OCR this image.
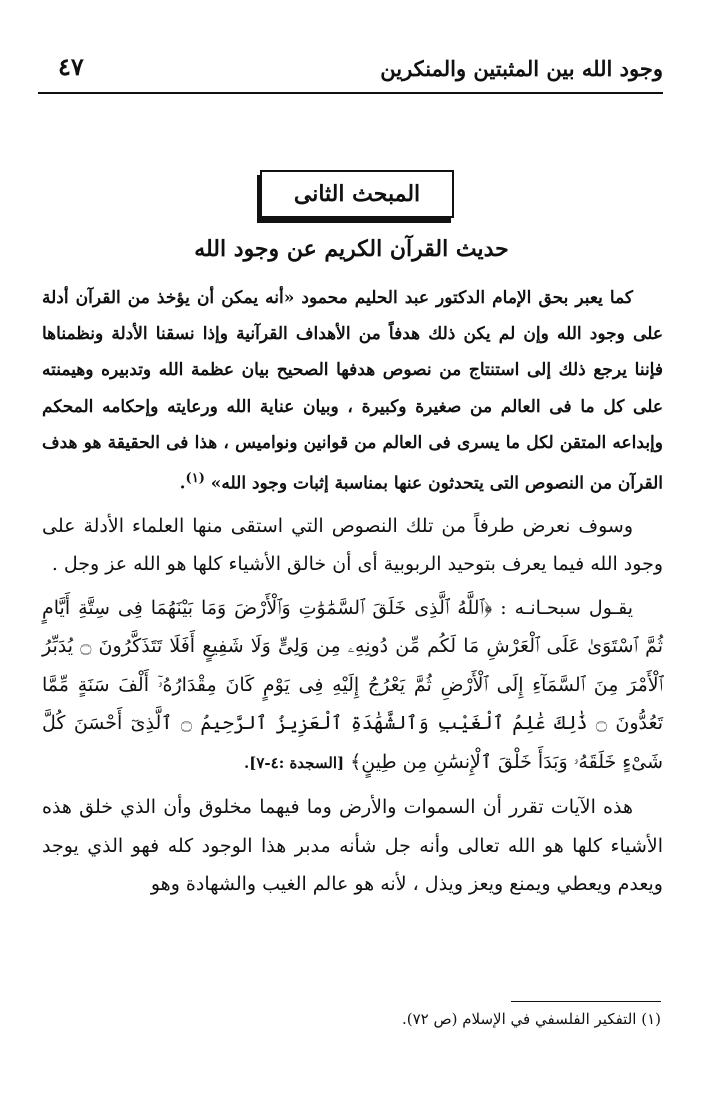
وجود الله بين المثبتين والمنكرين
٤٧
المبحث الثانى
حديث القرآن الكريم عن وجود الله

كما يعبر بحق الإمام الدكتور عبد الحليم محمود «أنه يمكن أن يؤخذ من القرآن أدلة على وجود الله وإن لم يكن ذلك هدفاً من الأهداف القرآنية وإذا نسقنا الأدلة ونظمناها فإننا يرجع ذلك إلى استنتاج من نصوص هدفها الصحيح بيان عظمة الله وتدبيره وهيمنته على كل ما فى العالم من صغيرة وكبيرة ، وبيان عناية الله ورعايته وإحكامه المحكم وإبداعه المتقن لكل ما يسرى فى العالم من قوانين ونواميس ، هذا فى الحقيقة هو هدف القرآن من النصوص التى يتحدثون عنها بمناسبة إثبات وجود الله» $^{(١)}$.

وسوف نعرض طرفاً من تلك النصوص التي استقى منها العلماء الأدلة على وجود الله فيما يعرف بتوحيد الربوبية أى أن خالق الأشياء كلها هو الله عز وجل .

يقـول سبحـانـه : ﴿ٱللَّهُ ٱلَّذِى خَلَقَ ٱلسَّمَٰوَٰتِ وَٱلْأَرْضَ وَمَا بَيْنَهُمَا فِى سِتَّةِ أَيَّامٍ ثُمَّ ٱسْتَوَىٰ عَلَى ٱلْعَرْشِ مَا لَكُم مِّن دُونِهِۦ مِن وَلِىٍّ وَلَا شَفِيعٍ أَفَلَا تَتَذَكَّرُونَ ۝ يُدَبِّرُ ٱلْأَمْرَ مِنَ ٱلسَّمَآءِ إِلَى ٱلْأَرْضِ ثُمَّ يَعْرُجُ إِلَيْهِ فِى يَوْمٍ كَانَ مِقْدَارُهُۥٓ أَلْفَ سَنَةٍ مِّمَّا تَعُدُّونَ ۝ ذَٰلِكَ عَٰلِمُ ٱلْغَيْبِ وَٱلشَّهَٰدَةِ ٱلْعَزِيزُ ٱلرَّحِيمُ ۝ ٱلَّذِىٓ أَحْسَنَ كُلَّ شَىْءٍ خَلَقَهُۥ وَبَدَأَ خَلْقَ ٱلْإِنسَٰنِ مِن طِينٍ﴾ [السجدة :٤-٧].

هذه الآيات تقرر أن السموات والأرض وما فيهما مخلوق وأن الذي خلق هذه الأشياء كلها هو الله تعالى وأنه جل شأنه مدبر هذا الوجود كله فهو الذي يوجد ويعدم ويعطي ويمنع ويعز ويذل ، لأنه هو عالم الغيب والشهادة وهو

(١) التفكير الفلسفي في الإسلام (ص ٧٢).
